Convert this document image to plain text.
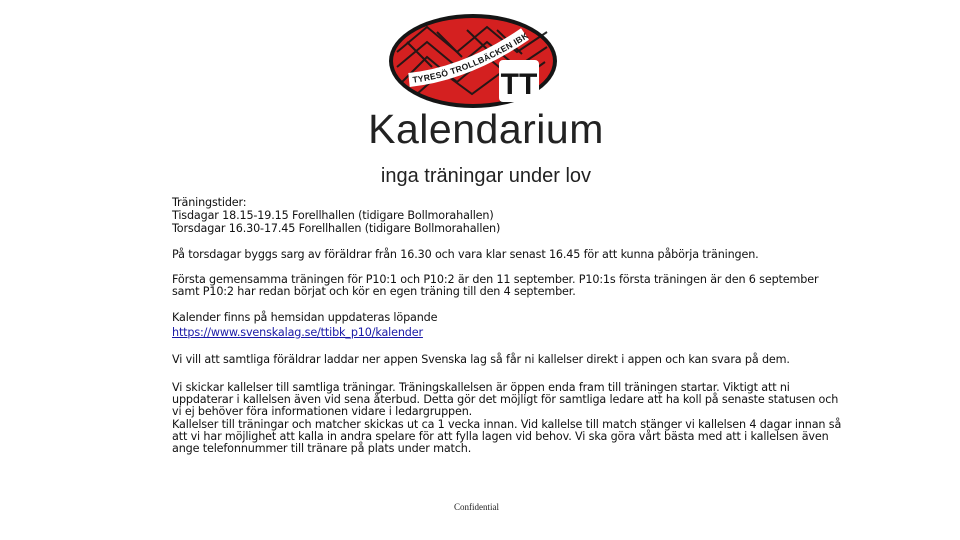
TYRESÖ TROLLBÄCKEN IBK
TT
Kalendarium
inga träningar under lov
Träningstider:
Tisdagar 18.15-19.15 Forellhallen (tidigare Bollmorahallen)
Torsdagar 16.30-17.45 Forellhallen (tidigare Bollmorahallen)
På torsdagar byggs sarg av föräldrar från 16.30 och vara klar senast 16.45 för att kunna påbörja träningen.
Första gemensamma träningen för P10:1 och P10:2 är den 11 september. P10:1s första träningen är den 6 september
samt P10:2 har redan börjat och kör en egen träning till den 4 september.
Kalender finns på hemsidan uppdateras löpande
https://www.svenskalag.se/ttibk_p10/kalender
Vi vill att samtliga föräldrar laddar ner appen Svenska lag så får ni kallelser direkt i appen och kan svara på dem.
Vi skickar kallelser till samtliga träningar. Träningskallelsen är öppen enda fram till träningen startar. Viktigt att ni
uppdaterar i kallelsen även vid sena återbud. Detta gör det möjligt för samtliga ledare att ha koll på senaste statusen och
vi ej behöver föra informationen vidare i ledargruppen.
Kallelser till träningar och matcher skickas ut ca 1 vecka innan. Vid kallelse till match stänger vi kallelsen 4 dagar innan så
att vi har möjlighet att kalla in andra spelare för att fylla lagen vid behov. Vi ska göra vårt bästa med att i kallelsen även
ange telefonnummer till tränare på plats under match.
Confidential
